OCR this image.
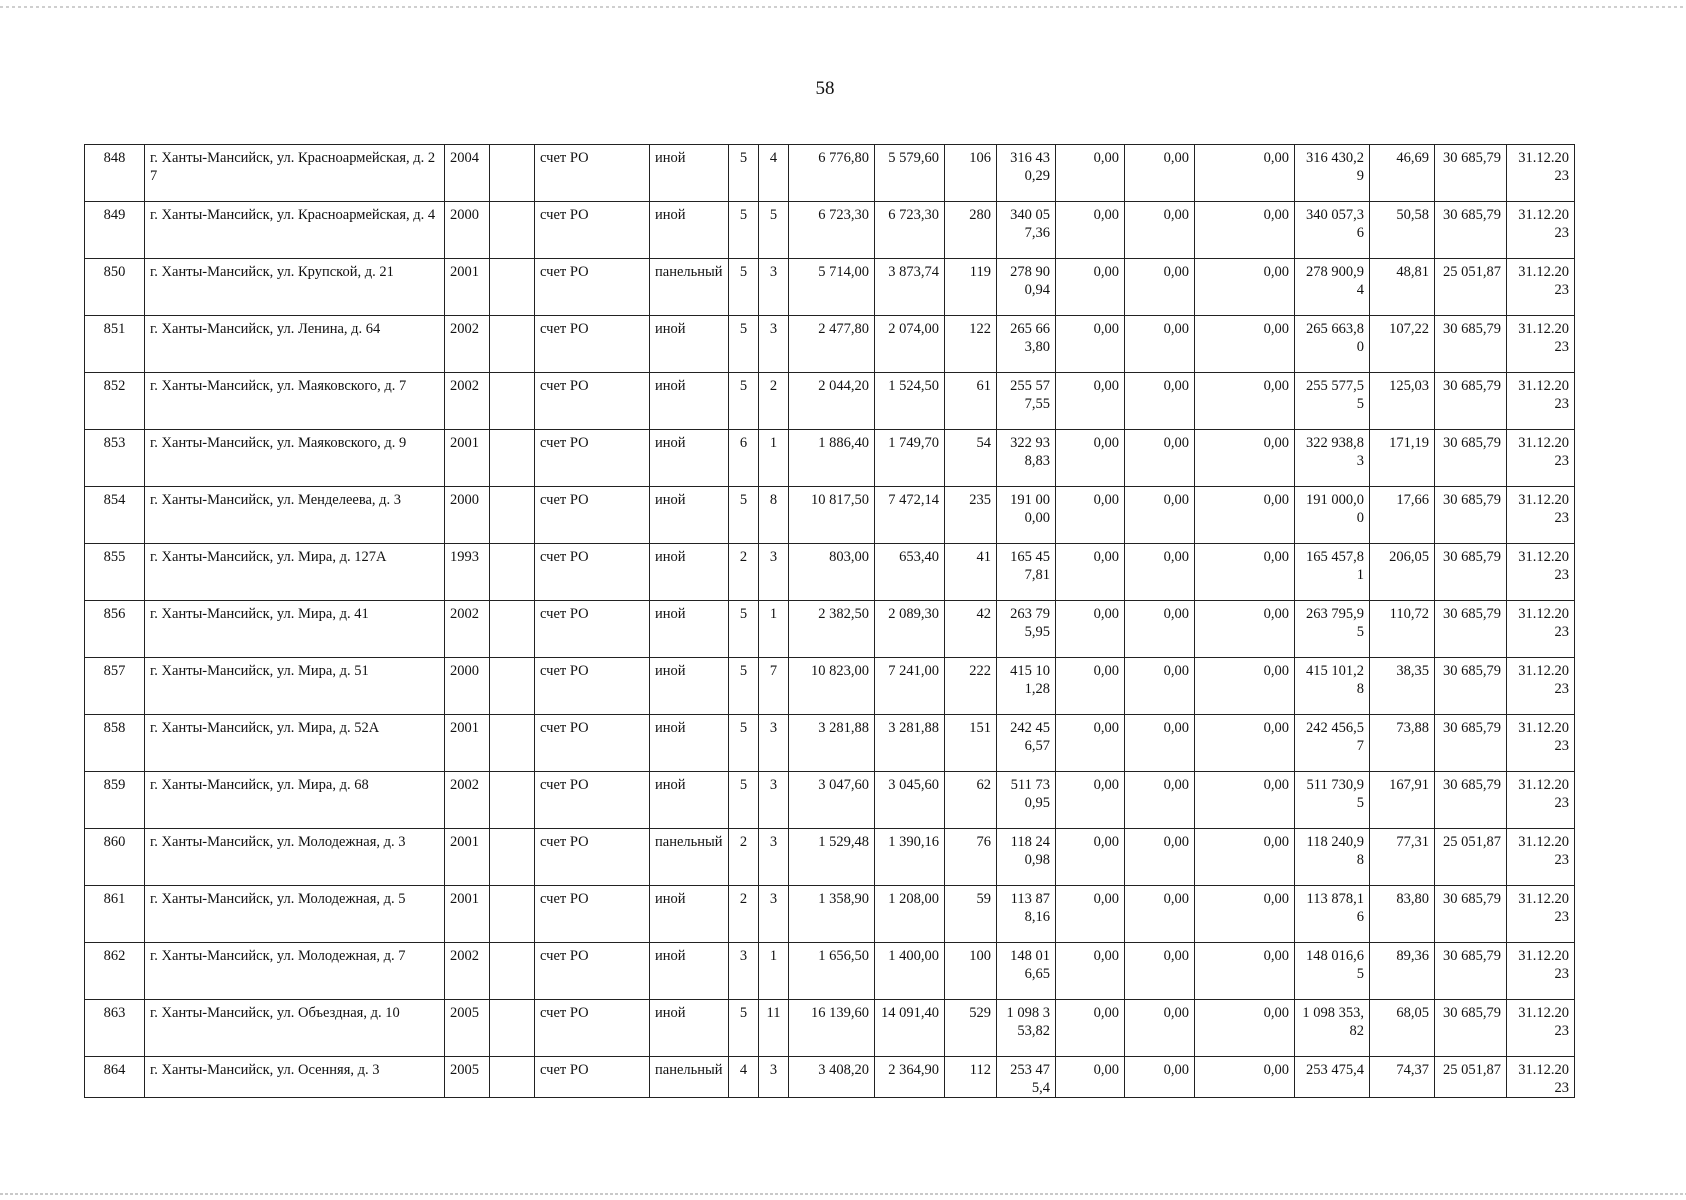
58
848	г. Ханты-Мансийск, ул. Красноармейская, д. 27	2004		счет РО	иной	5	4	6 776,80	5 579,60	106	316 430,29	0,00	0,00	0,00	316 430,29	46,69	30 685,79	31.12.2023
849	г. Ханты-Мансийск, ул. Красноармейская, д. 4	2000		счет РО	иной	5	5	6 723,30	6 723,30	280	340 057,36	0,00	0,00	0,00	340 057,36	50,58	30 685,79	31.12.2023
850	г. Ханты-Мансийск, ул. Крупской, д. 21	2001		счет РО	панельный	5	3	5 714,00	3 873,74	119	278 900,94	0,00	0,00	0,00	278 900,94	48,81	25 051,87	31.12.2023
851	г. Ханты-Мансийск, ул. Ленина, д. 64	2002		счет РО	иной	5	3	2 477,80	2 074,00	122	265 663,80	0,00	0,00	0,00	265 663,80	107,22	30 685,79	31.12.2023
852	г. Ханты-Мансийск, ул. Маяковского, д. 7	2002		счет РО	иной	5	2	2 044,20	1 524,50	61	255 577,55	0,00	0,00	0,00	255 577,55	125,03	30 685,79	31.12.2023
853	г. Ханты-Мансийск, ул. Маяковского, д. 9	2001		счет РО	иной	6	1	1 886,40	1 749,70	54	322 938,83	0,00	0,00	0,00	322 938,83	171,19	30 685,79	31.12.2023
854	г. Ханты-Мансийск, ул. Менделеева, д. 3	2000		счет РО	иной	5	8	10 817,50	7 472,14	235	191 000,00	0,00	0,00	0,00	191 000,00	17,66	30 685,79	31.12.2023
855	г. Ханты-Мансийск, ул. Мира, д. 127А	1993		счет РО	иной	2	3	803,00	653,40	41	165 457,81	0,00	0,00	0,00	165 457,81	206,05	30 685,79	31.12.2023
856	г. Ханты-Мансийск, ул. Мира, д. 41	2002		счет РО	иной	5	1	2 382,50	2 089,30	42	263 795,95	0,00	0,00	0,00	263 795,95	110,72	30 685,79	31.12.2023
857	г. Ханты-Мансийск, ул. Мира, д. 51	2000		счет РО	иной	5	7	10 823,00	7 241,00	222	415 101,28	0,00	0,00	0,00	415 101,28	38,35	30 685,79	31.12.2023
858	г. Ханты-Мансийск, ул. Мира, д. 52А	2001		счет РО	иной	5	3	3 281,88	3 281,88	151	242 456,57	0,00	0,00	0,00	242 456,57	73,88	30 685,79	31.12.2023
859	г. Ханты-Мансийск, ул. Мира, д. 68	2002		счет РО	иной	5	3	3 047,60	3 045,60	62	511 730,95	0,00	0,00	0,00	511 730,95	167,91	30 685,79	31.12.2023
860	г. Ханты-Мансийск, ул. Молодежная, д. 3	2001		счет РО	панельный	2	3	1 529,48	1 390,16	76	118 240,98	0,00	0,00	0,00	118 240,98	77,31	25 051,87	31.12.2023
861	г. Ханты-Мансийск, ул. Молодежная, д. 5	2001		счет РО	иной	2	3	1 358,90	1 208,00	59	113 878,16	0,00	0,00	0,00	113 878,16	83,80	30 685,79	31.12.2023
862	г. Ханты-Мансийск, ул. Молодежная, д. 7	2002		счет РО	иной	3	1	1 656,50	1 400,00	100	148 016,65	0,00	0,00	0,00	148 016,65	89,36	30 685,79	31.12.2023
863	г. Ханты-Мансийск, ул. Объездная, д. 10	2005		счет РО	иной	5	11	16 139,60	14 091,40	529	1 098 353,82	0,00	0,00	0,00	1 098 353,82	68,05	30 685,79	31.12.2023
864	г. Ханты-Мансийск, ул. Осенняя, д. 3	2005		счет РО	панельный	4	3	3 408,20	2 364,90	112	253 475,4	0,00	0,00	0,00	253 475,4	74,37	25 051,87	31.12.2023
